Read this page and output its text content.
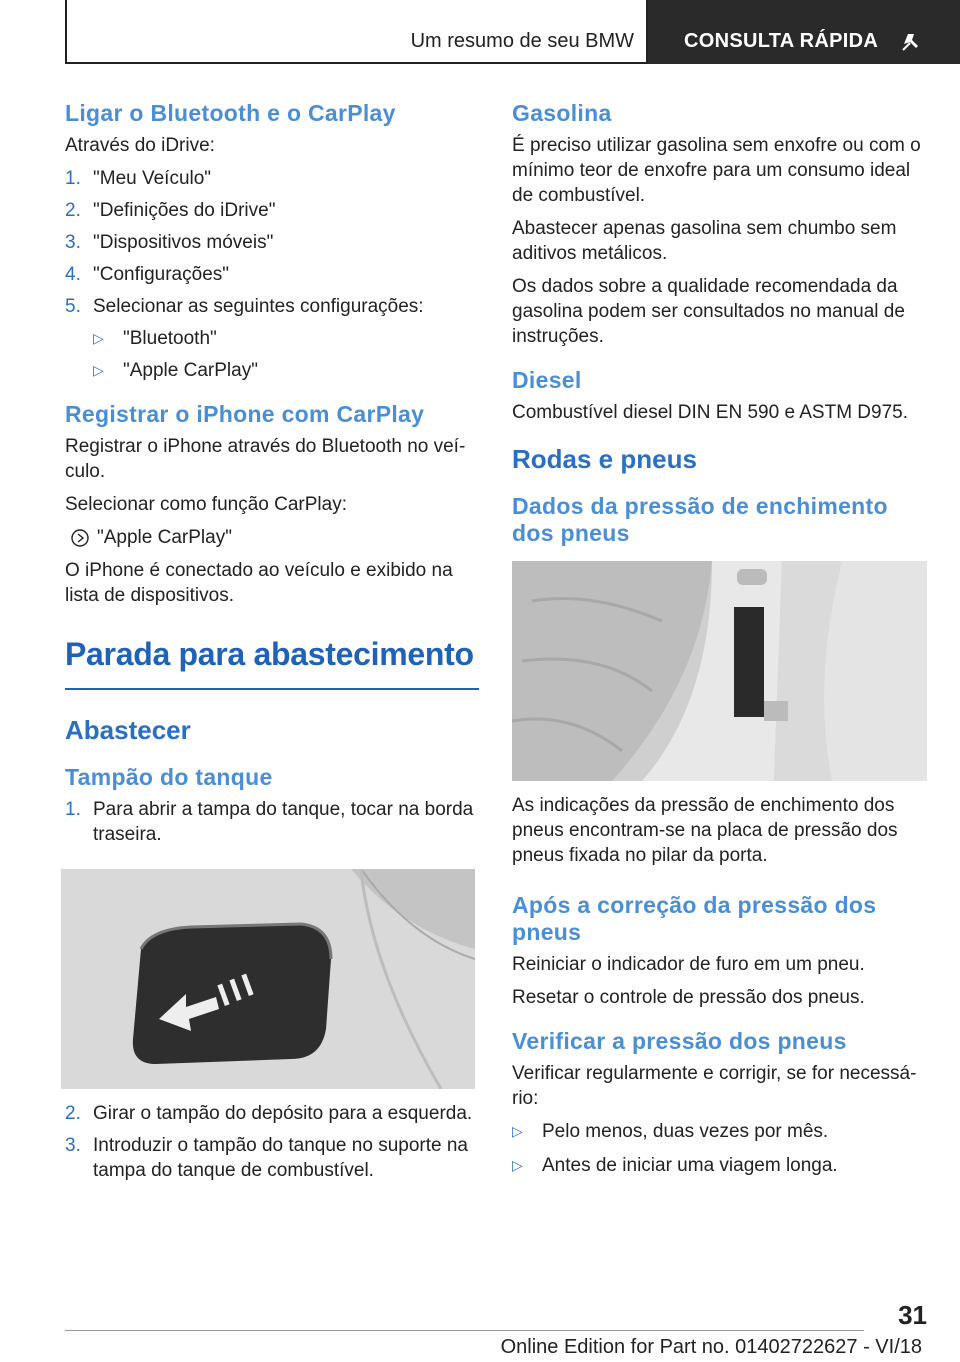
Um resumo de seu BMW	CONSULTA RÁPIDA
Ligar o Bluetooth e o CarPlay

Através do iDrive:

1. "Meu Veículo"
2. "Definições do iDrive"
3. "Dispositivos móveis"
4. "Configurações"
5. Selecionar as seguintes configurações:
▷	"Bluetooth"
▷	"Apple CarPlay"
Registrar o iPhone com CarPlay

Registrar o iPhone através do Bluetooth no veí‐culo.

Selecionar como função CarPlay:

"Apple CarPlay"

O iPhone é conectado ao veículo e exibido na lista de dispositivos.

Parada para abastecimento
Abastecer
Tampão do tanque
1. Para abrir a tampa do tanque, tocar na borda traseira.
2. Girar o tampão do depósito para a esquerda.
3. Introduzir o tampão do tanque no suporte na tampa do tanque de combustível.
Gasolina

É preciso utilizar gasolina sem enxofre ou com o mínimo teor de enxofre para um consumo ideal de combustível.

Abastecer apenas gasolina sem chumbo sem aditivos metálicos.

Os dados sobre a qualidade recomendada da gasolina podem ser consultados no manual de instruções.

Diesel

Combustível diesel DIN EN 590 e ASTM D975.

Rodas e pneus
Dados da pressão de enchimento dos pneus

As indicações da pressão de enchimento dos pneus encontram-se na placa de pressão dos pneus fixada no pilar da porta.

Após a correção da pressão dos pneus

Reiniciar o indicador de furo em um pneu.

Resetar o controle de pressão dos pneus.

Verificar a pressão dos pneus

Verificar regularmente e corrigir, se for necessá‐rio:

▷	Pelo menos, duas vezes por mês.
▷	Antes de iniciar uma viagem longa.
31
Online Edition for Part no. 01402722627 - VI/18
